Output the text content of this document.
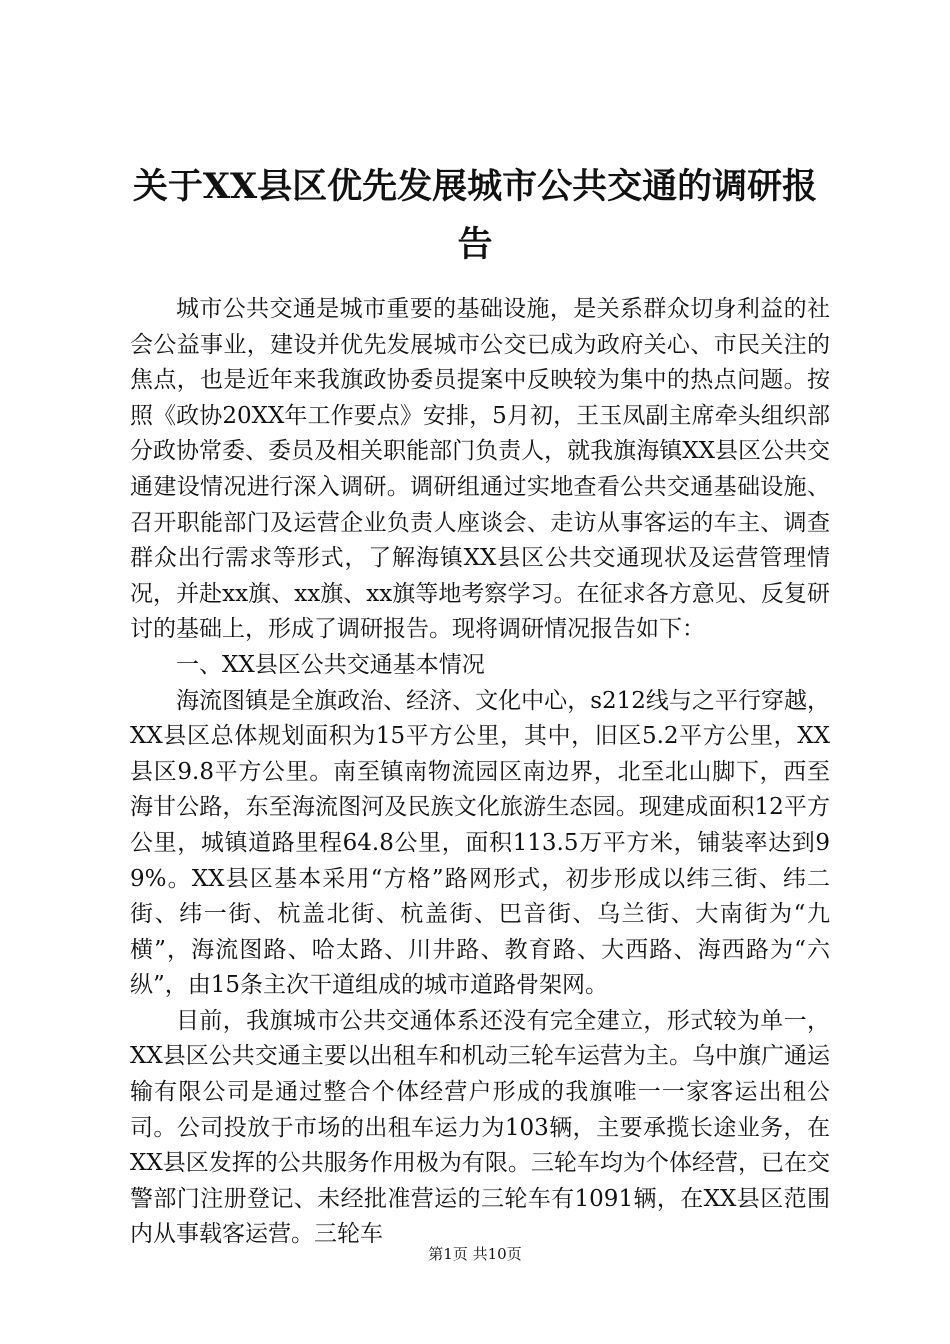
关于XX县区优先发展城市公共交通的调研报告

城市公共交通是城市重要的基础设施，是关系群众切身利益的社会公益事业，建设并优先发展城市公交已成为政府关心、市民关注的焦点，也是近年来我旗政协委员提案中反映较为集中的热点问题。按照《政协20XX年工作要点》安排，5月初，王玉凤副主席牵头组织部分政协常委、委员及相关职能部门负责人，就我旗海镇XX县区公共交通建设情况进行深入调研。调研组通过实地查看公共交通基础设施、召开职能部门及运营企业负责人座谈会、走访从事客运的车主、调查群众出行需求等形式，了解海镇XX县区公共交通现状及运营管理情况，并赴xx旗、xx旗、xx旗等地考察学习。在征求各方意见、反复研讨的基础上，形成了调研报告。现将调研情况报告如下：

一、XX县区公共交通基本情况

海流图镇是全旗政治、经济、文化中心，s212线与之平行穿越，XX县区总体规划面积为15平方公里，其中，旧区5.2平方公里，XX县区9.8平方公里。南至镇南物流园区南边界，北至北山脚下，西至海甘公路，东至海流图河及民族文化旅游生态园。现建成面积12平方公里，城镇道路里程64.8公里，面积113.5万平方米，铺装率达到99%。XX县区基本采用“方格”路网形式，初步形成以纬三街、纬二街、纬一街、杭盖北街、杭盖街、巴音街、乌兰街、大南街为“九横”，海流图路、哈太路、川井路、教育路、大西路、海西路为“六纵”，由15条主次干道组成的城市道路骨架网。

目前，我旗城市公共交通体系还没有完全建立，形式较为单一，XX县区公共交通主要以出租车和机动三轮车运营为主。乌中旗广通运输有限公司是通过整合个体经营户形成的我旗唯一一家客运出租公司。公司投放于市场的出租车运力为103辆，主要承揽长途业务，在XX县区发挥的公共服务作用极为有限。三轮车均为个体经营，已在交警部门注册登记、未经批准营运的三轮车有1091辆，在XX县区范围内从事载客运营。三轮车

第1页 共10页
